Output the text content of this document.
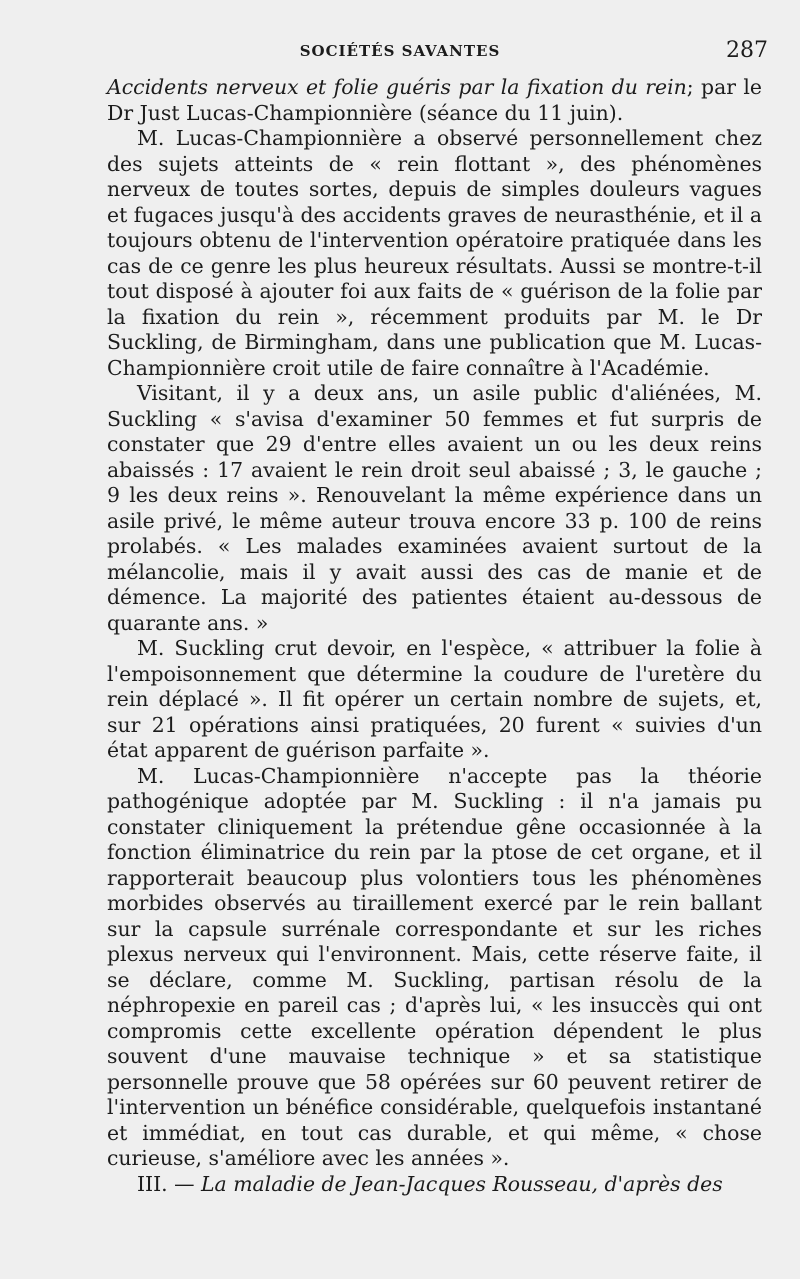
SOCIÉTÉS SAVANTES	287

Accidents nerveux et folie guéris par la fixation du rein; par le Dr Just Lucas-Championnière (séance du 11 juin).

M. Lucas-Championnière a observé personnellement chez des sujets atteints de « rein flottant », des phénomènes nerveux de toutes sortes, depuis de simples douleurs vagues et fugaces jusqu'à des accidents graves de neurasthénie, et il a toujours obtenu de l'intervention opératoire pratiquée dans les cas de ce genre les plus heureux résultats. Aussi se montre-t-il tout disposé à ajouter foi aux faits de « guérison de la folie par la fixation du rein », récemment produits par M. le Dr Suckling, de Birmingham, dans une publication que M. Lucas-Championnière croit utile de faire connaître à l'Académie.

Visitant, il y a deux ans, un asile public d'aliénées, M. Suckling « s'avisa d'examiner 50 femmes et fut surpris de constater que 29 d'entre elles avaient un ou les deux reins abaissés : 17 avaient le rein droit seul abaissé ; 3, le gauche ; 9 les deux reins ». Renouvelant la même expérience dans un asile privé, le même auteur trouva encore 33 p. 100 de reins prolabés. « Les malades examinées avaient surtout de la mélancolie, mais il y avait aussi des cas de manie et de démence. La majorité des patientes étaient au-dessous de quarante ans. »

M. Suckling crut devoir, en l'espèce, « attribuer la folie à l'empoisonnement que détermine la coudure de l'uretère du rein déplacé ». Il fit opérer un certain nombre de sujets, et, sur 21 opérations ainsi pratiquées, 20 furent « suivies d'un état apparent de guérison parfaite ».

M. Lucas-Championnière n'accepte pas la théorie pathogénique adoptée par M. Suckling : il n'a jamais pu constater cliniquement la prétendue gêne occasionnée à la fonction éliminatrice du rein par la ptose de cet organe, et il rapporterait beaucoup plus volontiers tous les phénomènes morbides observés au tiraillement exercé par le rein ballant sur la capsule surrénale correspondante et sur les riches plexus nerveux qui l'environnent. Mais, cette réserve faite, il se déclare, comme M. Suckling, partisan résolu de la néphropexie en pareil cas ; d'après lui, « les insuccès qui ont compromis cette excellente opération dépendent le plus souvent d'une mauvaise technique » et sa statistique personnelle prouve que 58 opérées sur 60 peuvent retirer de l'intervention un bénéfice considérable, quelquefois instantané et immédiat, en tout cas durable, et qui même, « chose curieuse, s'améliore avec les années ».

III. — La maladie de Jean-Jacques Rousseau, d'après des
